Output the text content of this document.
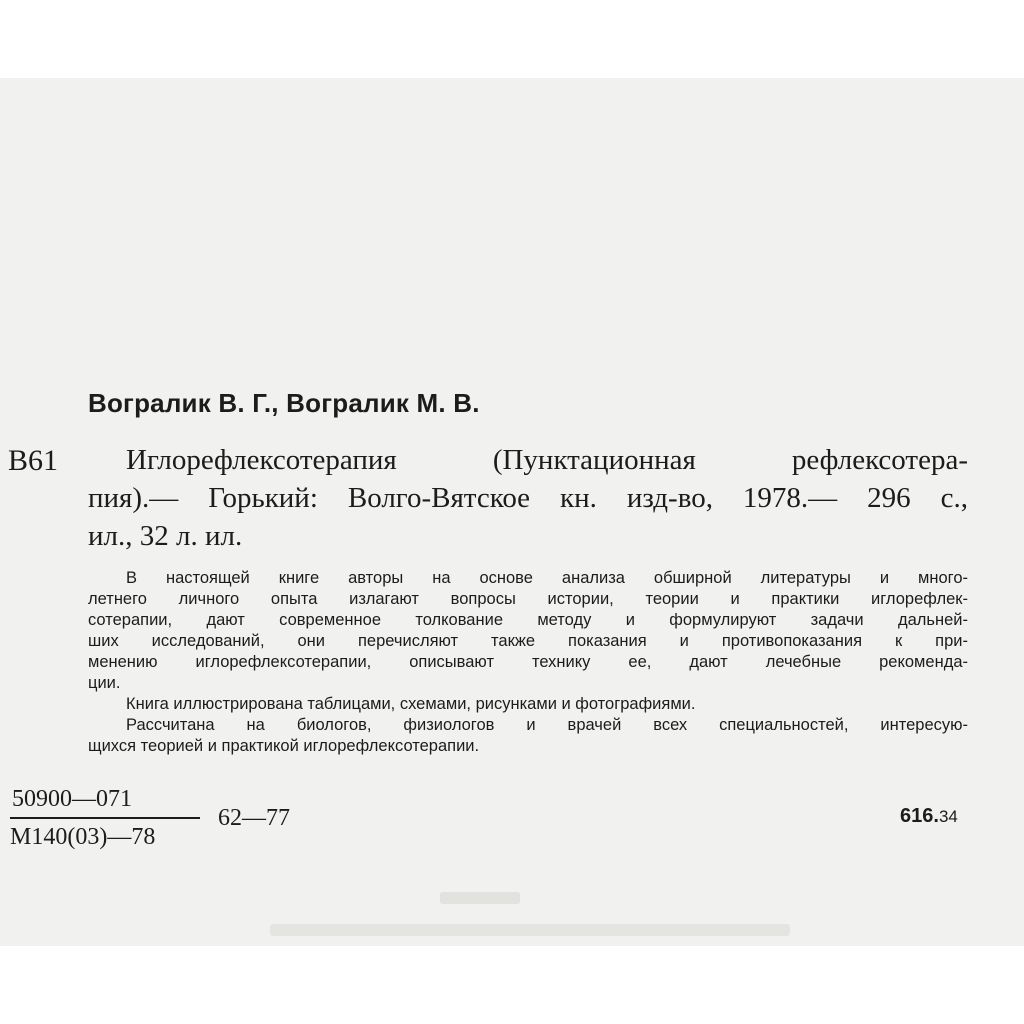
Вогралик В. Г., Вогралик М. В.
В61	Иглорефлексотерапия (Пунктационная рефлексотера-
пия).— Горький: Волго-Вятское кн. изд-во, 1978.— 296 с.,
ил., 32 л. ил.
В настоящей книге авторы на основе анализа обширной литературы и много-
летнего личного опыта излагают вопросы истории, теории и практики иглорефлек-
сотерапии, дают современное толкование методу и формулируют задачи дальней-
ших исследований, они перечисляют также показания и противопоказания к при-
менению иглорефлексотерапии, описывают технику ее, дают лечебные рекоменда-
ции.
Книга иллюстрирована таблицами, схемами, рисунками и фотографиями.
Рассчитана на биологов, физиологов и врачей всех специальностей, интересую-
щихся теорией и практикой иглорефлексотерапии.
50900—071
М140(03)—78
62—77	616.34
